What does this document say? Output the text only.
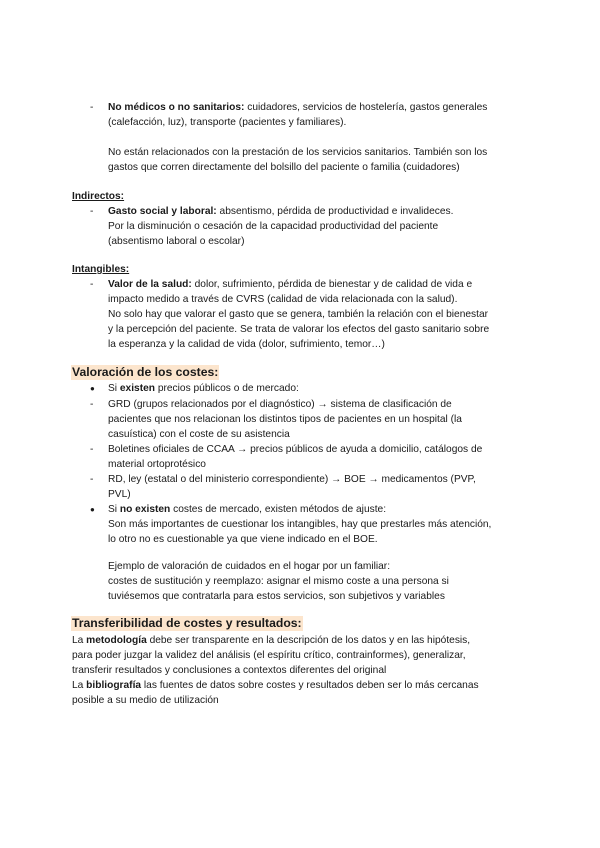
- No médicos o no sanitarios: cuidadores, servicios de hostelería, gastos generales
(calefacción, luz), transporte (pacientes y familiares).
No están relacionados con la prestación de los servicios sanitarios. También son los
gastos que corren directamente del bolsillo del paciente o familia (cuidadores)
Indirectos:
- Gasto social y laboral: absentismo, pérdida de productividad e invalideces.
Por la disminución o cesación de la capacidad productividad del paciente
(absentismo laboral o escolar)
Intangibles:
- Valor de la salud: dolor, sufrimiento, pérdida de bienestar y de calidad de vida e
impacto medido a través de CVRS (calidad de vida relacionada con la salud).
No solo hay que valorar el gasto que se genera, también la relación con el bienestar
y la percepción del paciente. Se trata de valorar los efectos del gasto sanitario sobre
la esperanza y la calidad de vida (dolor, sufrimiento, temor…)
Valoración de los costes:
● Si existen precios públicos o de mercado:
- GRD (grupos relacionados por el diagnóstico) → sistema de clasificación de
pacientes que nos relacionan los distintos tipos de pacientes en un hospital (la
casuística) con el coste de su asistencia
- Boletines oficiales de CCAA → precios públicos de ayuda a domicilio, catálogos de
material ortoprotésico
- RD, ley (estatal o del ministerio correspondiente) → BOE → medicamentos (PVP,
PVL)
● Si no existen costes de mercado, existen métodos de ajuste:
Son más importantes de cuestionar los intangibles, hay que prestarles más atención,
lo otro no es cuestionable ya que viene indicado en el BOE.
Ejemplo de valoración de cuidados en el hogar por un familiar:
costes de sustitución y reemplazo: asignar el mismo coste a una persona si
tuviésemos que contratarla para estos servicios, son subjetivos y variables
Transferibilidad de costes y resultados:
La metodología debe ser transparente en la descripción de los datos y en las hipótesis,
para poder juzgar la validez del análisis (el espíritu crítico, contrainformes), generalizar,
transferir resultados y conclusiones a contextos diferentes del original
La bibliografía las fuentes de datos sobre costes y resultados deben ser lo más cercanas
posible a su medio de utilización
